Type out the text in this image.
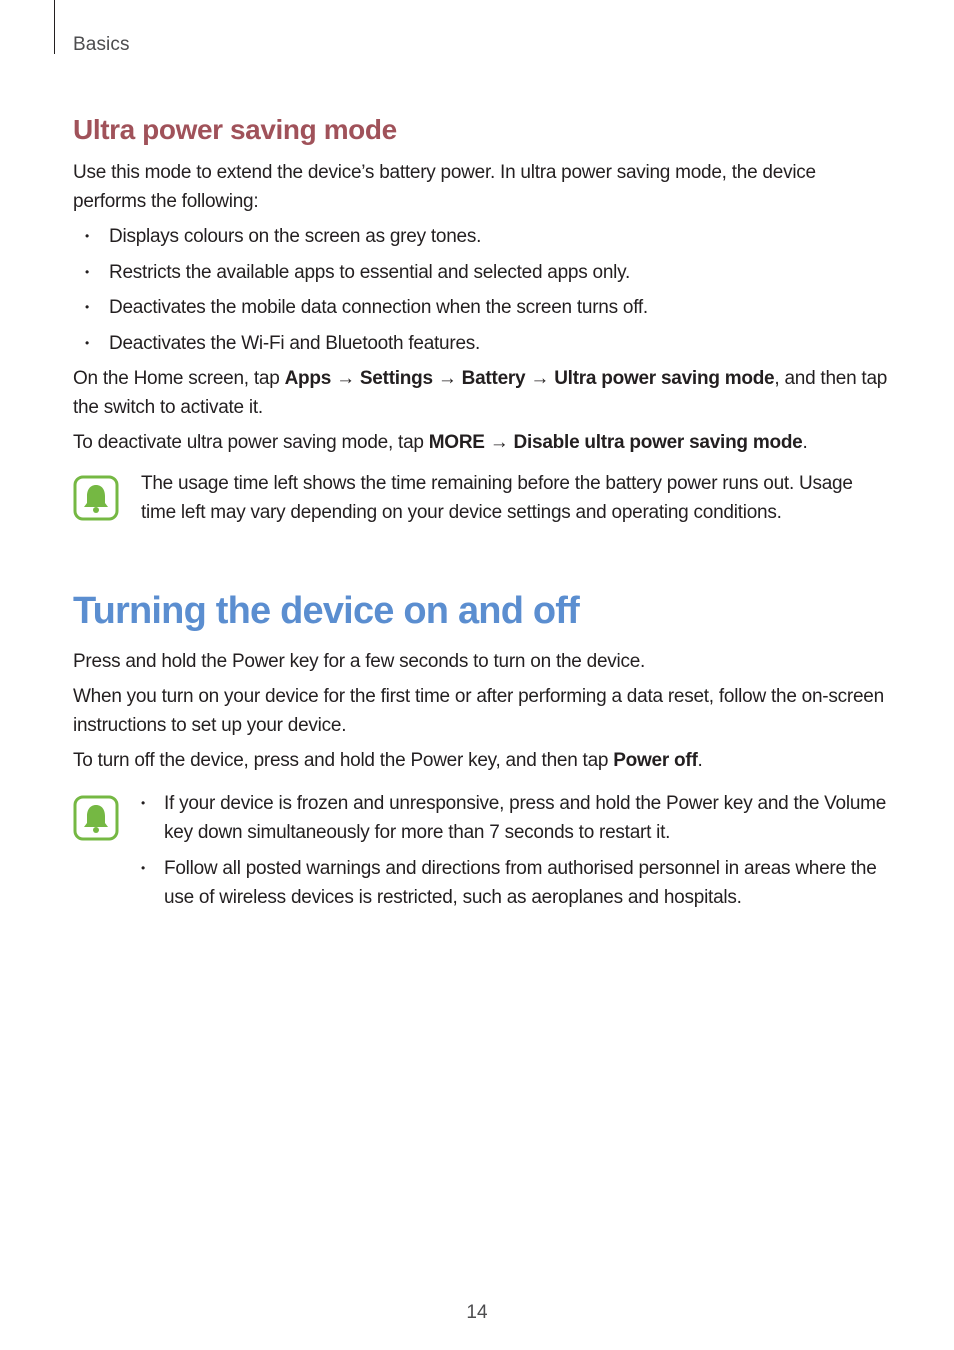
Basics
Ultra power saving mode

Use this mode to extend the device’s battery power. In ultra power saving mode, the device performs the following:

• Displays colours on the screen as grey tones.
• Restricts the available apps to essential and selected apps only.
• Deactivates the mobile data connection when the screen turns off.
• Deactivates the Wi-Fi and Bluetooth features.

On the Home screen, tap Apps → Settings → Battery → Ultra power saving mode, and then tap the switch to activate it.

To deactivate ultra power saving mode, tap MORE → Disable ultra power saving mode.

The usage time left shows the time remaining before the battery power runs out. Usage time left may vary depending on your device settings and operating conditions.

Turning the device on and off

Press and hold the Power key for a few seconds to turn on the device.

When you turn on your device for the first time or after performing a data reset, follow the on-screen instructions to set up your device.

To turn off the device, press and hold the Power key, and then tap Power off.

• If your device is frozen and unresponsive, press and hold the Power key and the Volume key down simultaneously for more than 7 seconds to restart it.
• Follow all posted warnings and directions from authorised personnel in areas where the use of wireless devices is restricted, such as aeroplanes and hospitals.
14
